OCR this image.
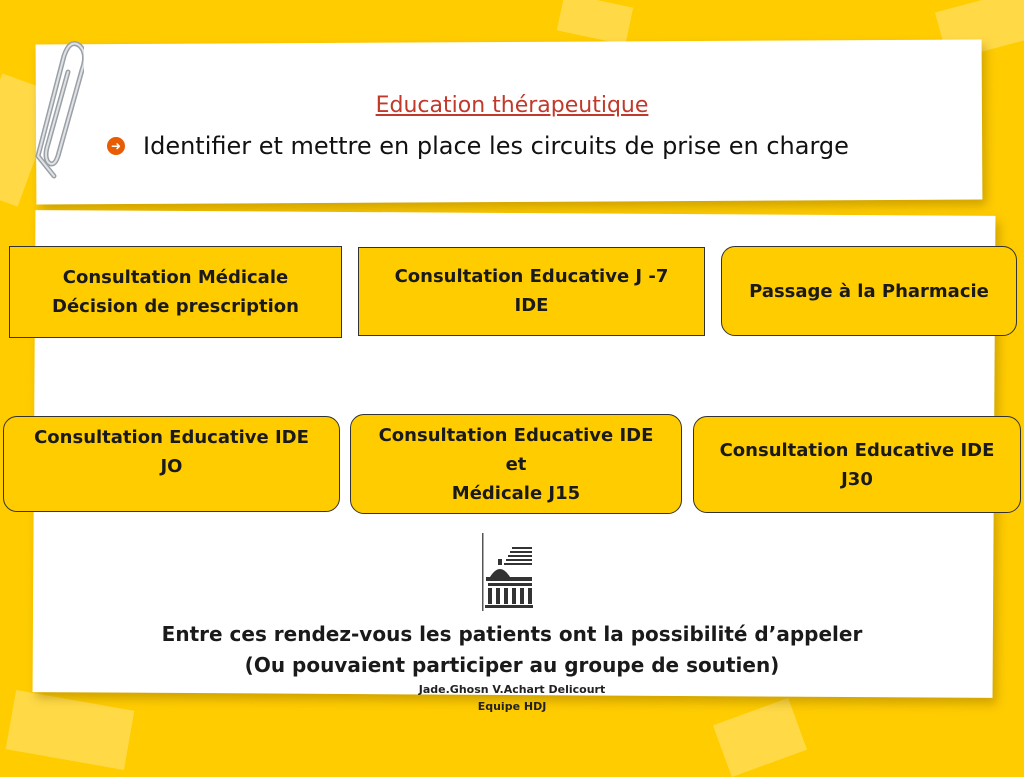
Education thérapeutique
➜ Identifier et mettre en place les circuits de prise en charge
Consultation Médicale
Décision de prescription
Consultation Educative J -7
IDE
Passage à la Pharmacie
Consultation Educative IDE
JO
Consultation Educative IDE
et
Médicale J15
Consultation Educative IDE
J30
Entre ces rendez-vous les patients ont la possibilité d’appeler
(Ou pouvaient participer au groupe de soutien)
Jade.Ghosn V.Achart Delicourt
Equipe HDJ
